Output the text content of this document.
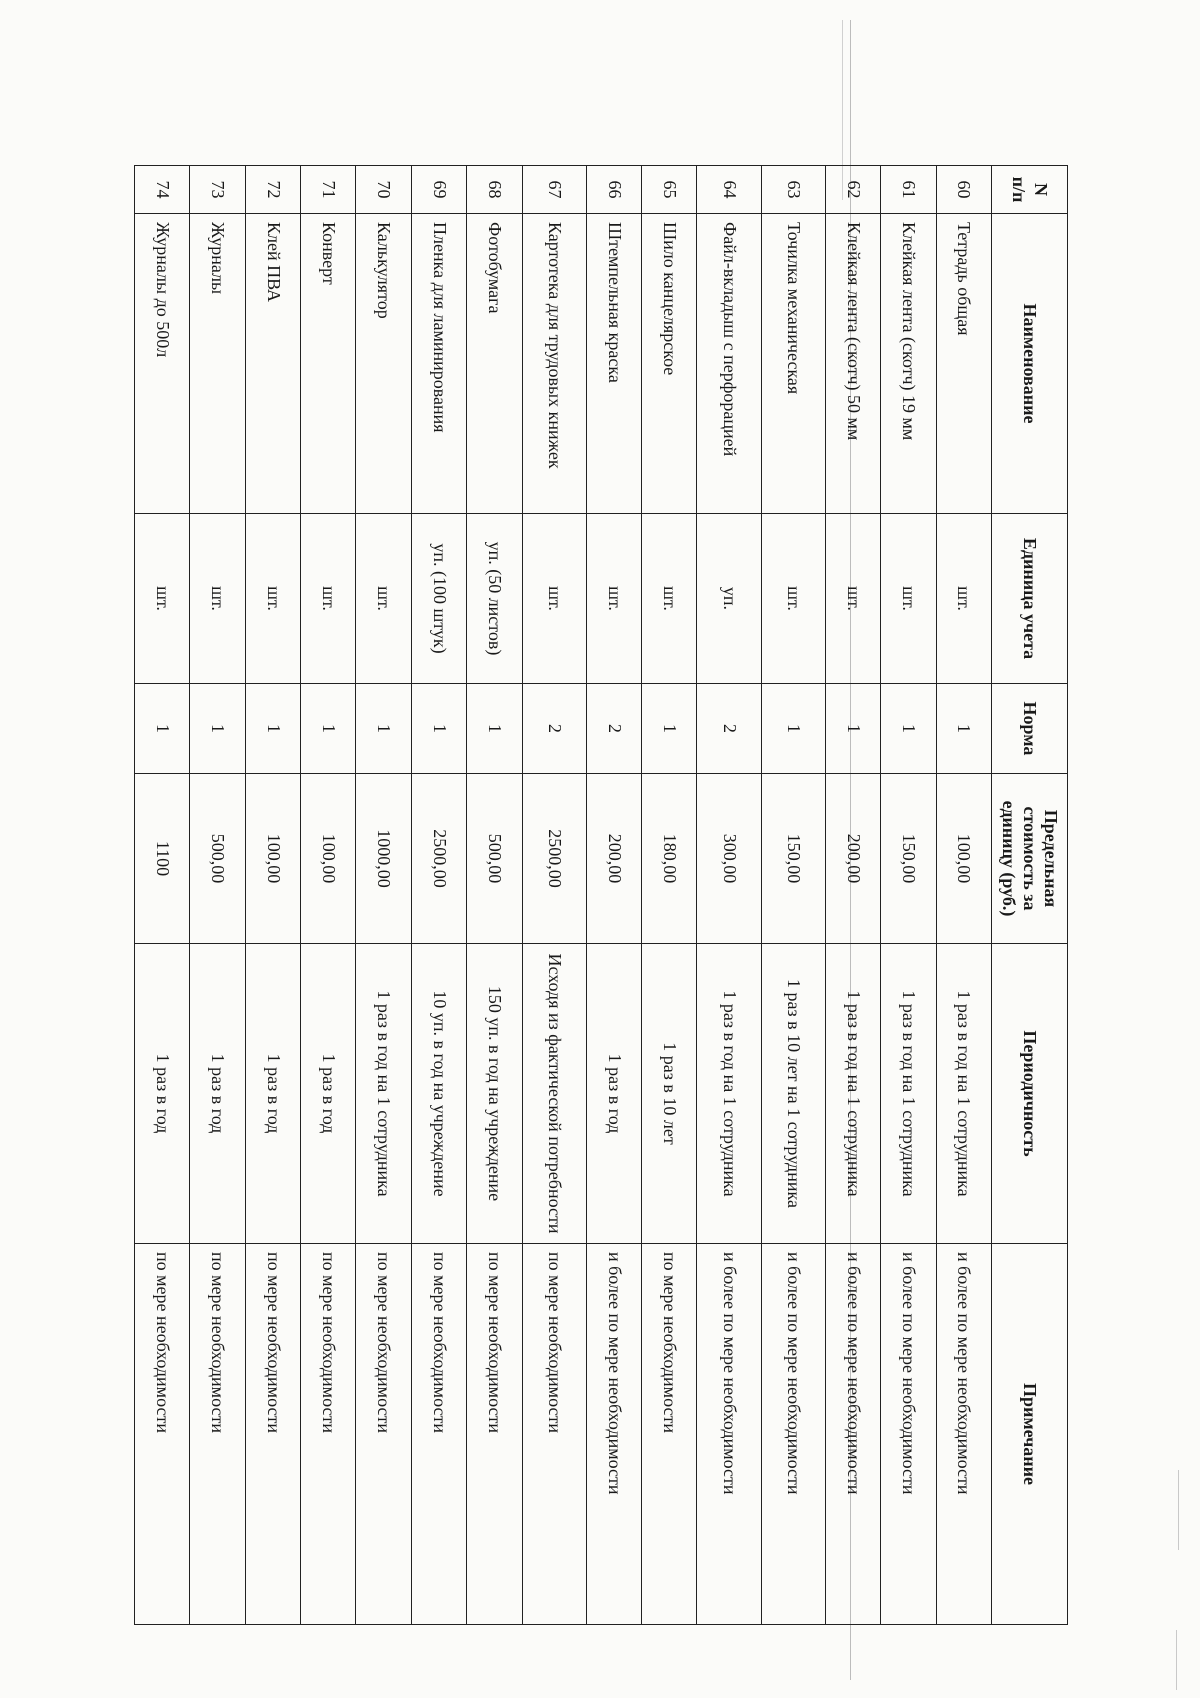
N п/п	Наименование	Единица учета	Норма	Предельная стоимость за единицу (руб.)	Периодичность	Примечание
60	Тетрадь общая	шт.	1	100,00	1 раз в год на 1 сотрудника	и более по мере необходимости
61	Клейкая лента (скотч) 19 мм	шт.	1	150,00	1 раз в год на 1 сотрудника	и более по мере необходимости
62	Клейкая лента (скотч) 50 мм	шт.	1	200,00	1 раз в год на 1 сотрудника	и более по мере необходимости
63	Точилка механическая	шт.	1	150,00	1 раз в 10 лет на 1 сотрудника	и более по мере необходимости
64	Файл-вкладыш с перфорацией	уп.	2	300,00	1 раз в год на 1 сотрудника	и более по мере необходимости
65	Шило канцелярское	шт.	1	180,00	1 раз в 10 лет	по мере необходимости
66	Штемпельная краска	шт.	2	200,00	1 раз в год	и более по мере необходимости
67	Картотека для трудовых книжек	шт.	2	2500,00	Исходя из фактической потребности	по мере необходимости
68	Фотобумага	уп. (50 листов)	1	500,00	150 уп. в год на учреждение	по мере необходимости
69	Пленка для ламинирования	уп. (100 штук)	1	2500,00	10 уп. в год на учреждение	по мере необходимости
70	Калькулятор	шт.	1	1000,00	1 раз в год на 1 сотрудника	по мере необходимости
71	Конверт	шт.	1	100,00	1 раз в год	по мере необходимости
72	Клей ПВА	шт.	1	100,00	1 раз в год	по мере необходимости
73	Журналы	шт.	1	500,00	1 раз в год	по мере необходимости
74	Журналы до 500л	шт.	1	1100	1 раз в год	по мере необходимости
